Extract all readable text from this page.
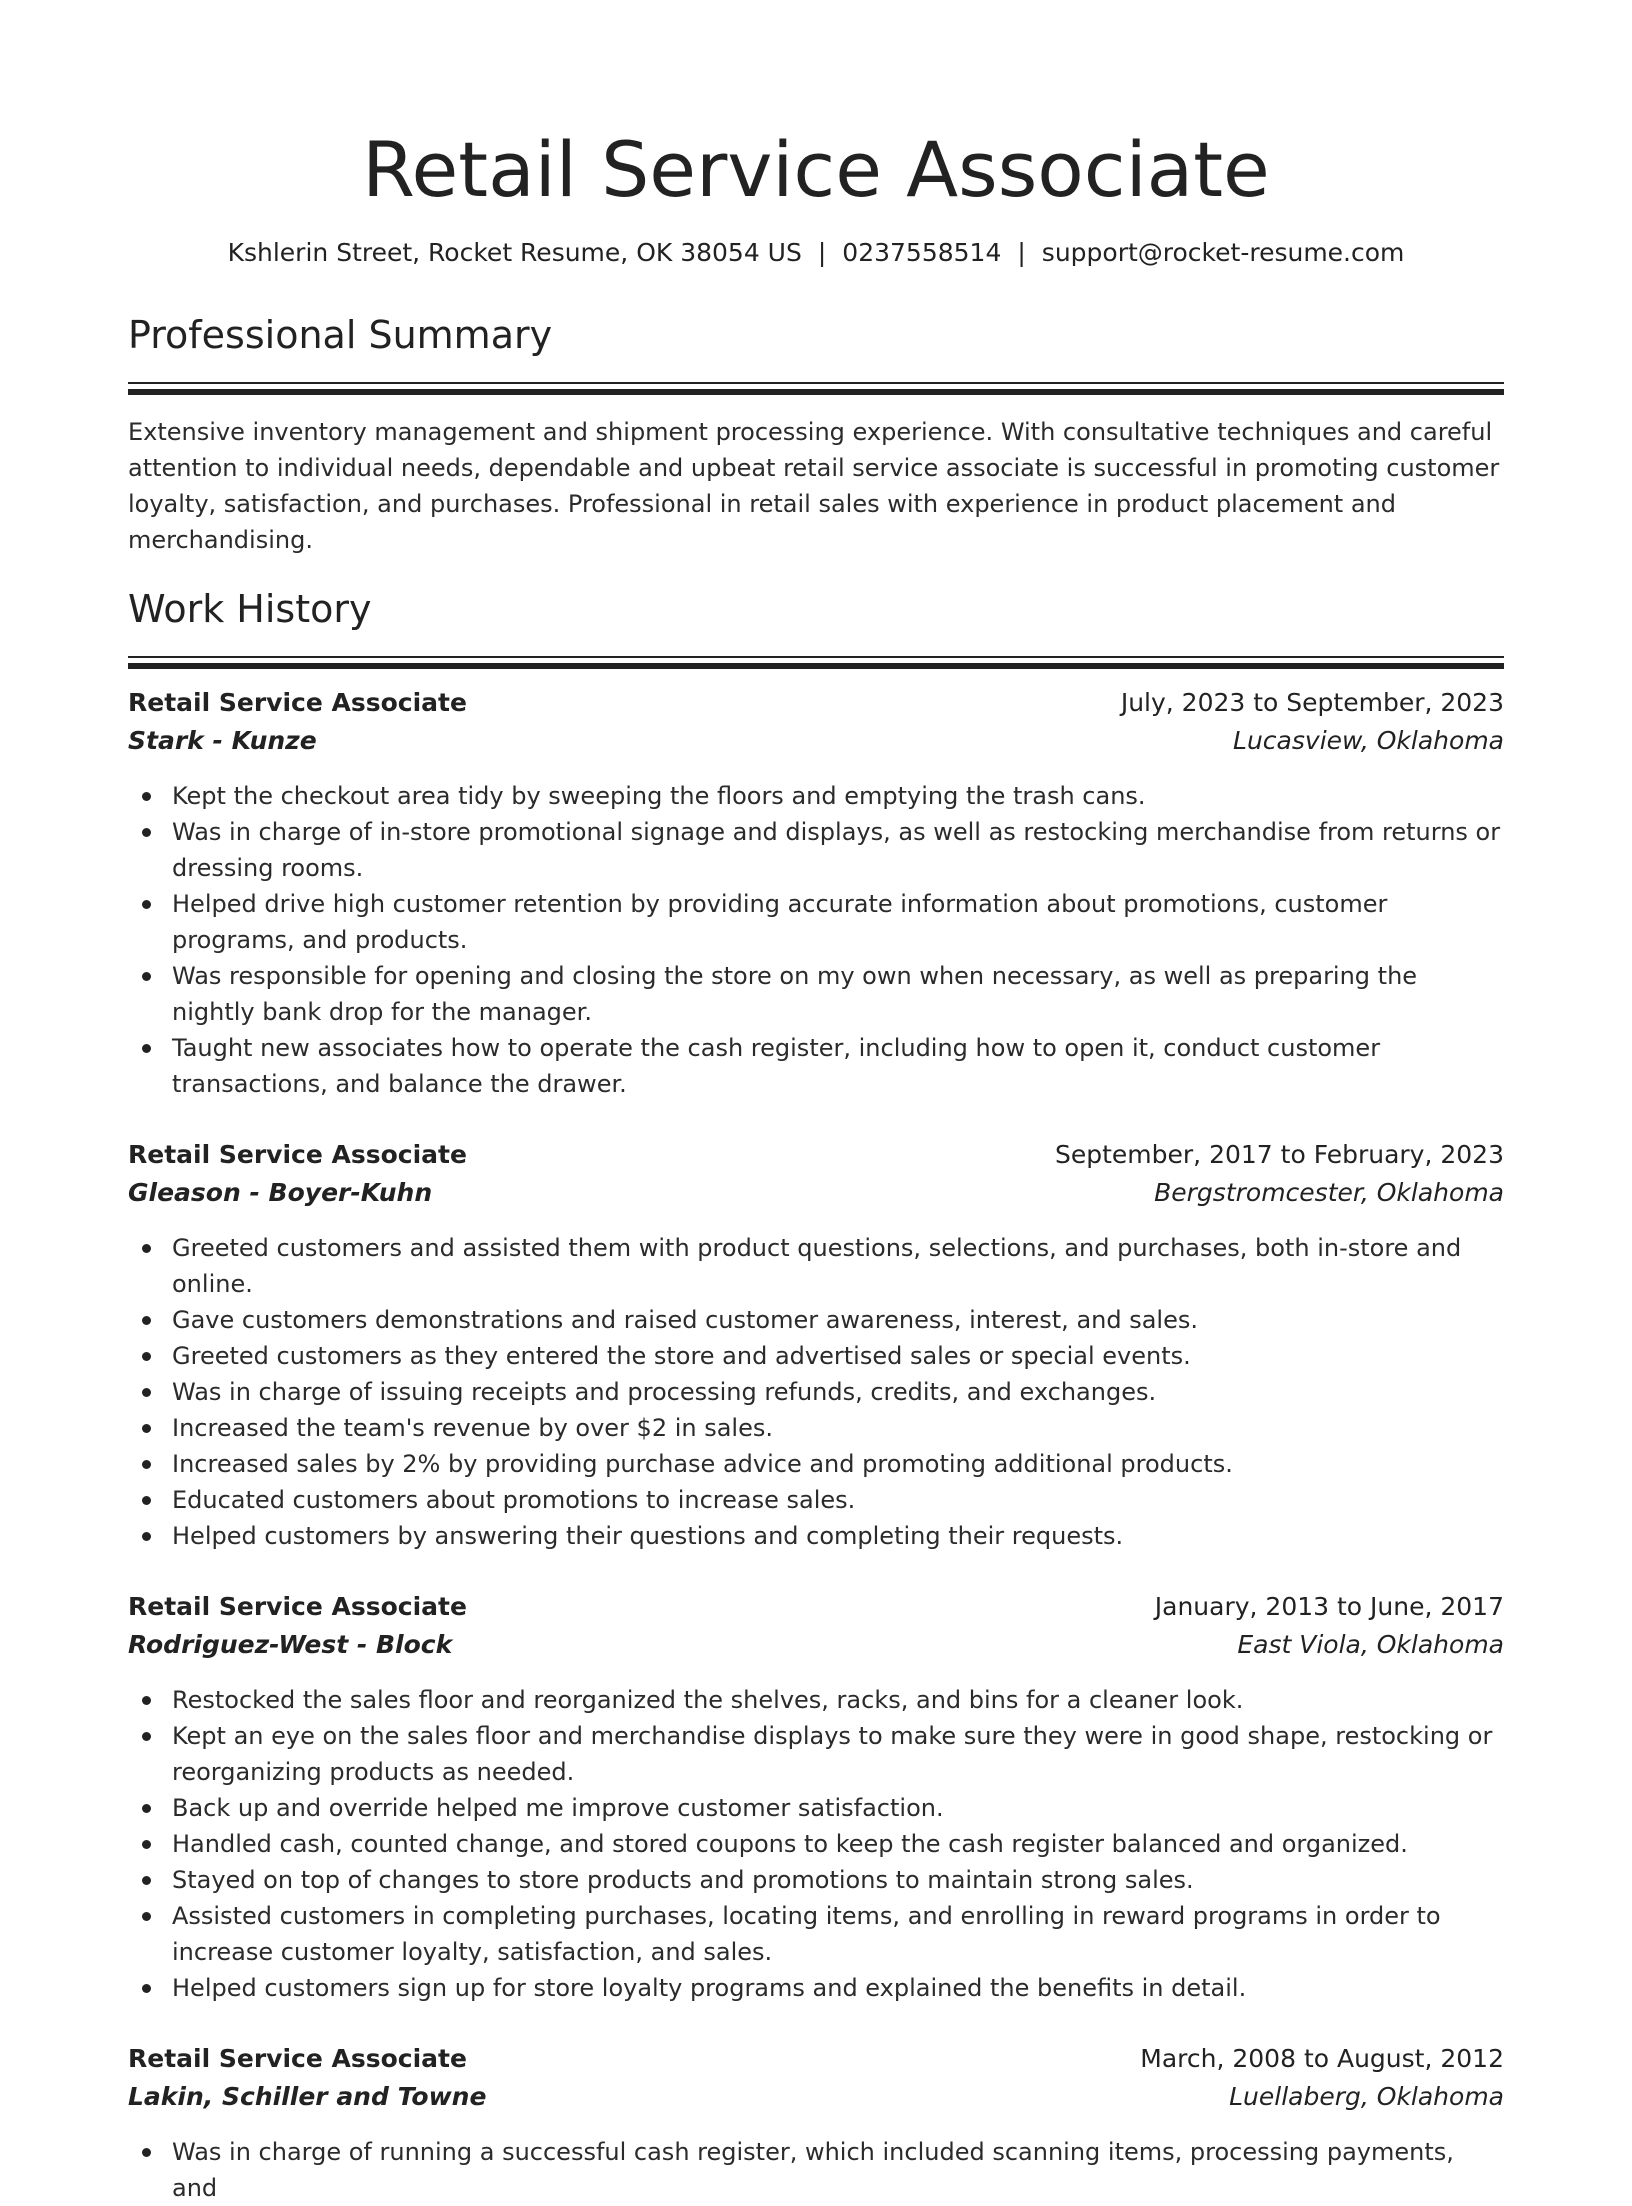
Retail Service Associate
Kshlerin Street, Rocket Resume, OK 38054 US | 0237558514 | support@rocket-resume.com
Professional Summary

Extensive inventory management and shipment processing experience. With consultative techniques and careful attention to individual needs, dependable and upbeat retail service associate is successful in promoting customer loyalty, satisfaction, and purchases. Professional in retail sales with experience in product placement and merchandising.

Work History
Retail Service Associate	July, 2023 to September, 2023
Stark - Kunze	Lucasview, Oklahoma
Kept the checkout area tidy by sweeping the floors and emptying the trash cans.
Was in charge of in-store promotional signage and displays, as well as restocking merchandise from returns or dressing rooms.
Helped drive high customer retention by providing accurate information about promotions, customer programs, and products.
Was responsible for opening and closing the store on my own when necessary, as well as preparing the nightly bank drop for the manager.
Taught new associates how to operate the cash register, including how to open it, conduct customer transactions, and balance the drawer.
Retail Service Associate	September, 2017 to February, 2023
Gleason - Boyer-Kuhn	Bergstromcester, Oklahoma
Greeted customers and assisted them with product questions, selections, and purchases, both in-store and online.
Gave customers demonstrations and raised customer awareness, interest, and sales.
Greeted customers as they entered the store and advertised sales or special events.
Was in charge of issuing receipts and processing refunds, credits, and exchanges.
Increased the team's revenue by over $2 in sales.
Increased sales by 2% by providing purchase advice and promoting additional products.
Educated customers about promotions to increase sales.
Helped customers by answering their questions and completing their requests.
Retail Service Associate	January, 2013 to June, 2017
Rodriguez-West - Block	East Viola, Oklahoma
Restocked the sales floor and reorganized the shelves, racks, and bins for a cleaner look.
Kept an eye on the sales floor and merchandise displays to make sure they were in good shape, restocking or reorganizing products as needed.
Back up and override helped me improve customer satisfaction.
Handled cash, counted change, and stored coupons to keep the cash register balanced and organized.
Stayed on top of changes to store products and promotions to maintain strong sales.
Assisted customers in completing purchases, locating items, and enrolling in reward programs in order to increase customer loyalty, satisfaction, and sales.
Helped customers sign up for store loyalty programs and explained the benefits in detail.
Retail Service Associate	March, 2008 to August, 2012
Lakin, Schiller and Towne	Luellaberg, Oklahoma
Was in charge of running a successful cash register, which included scanning items, processing payments, and
